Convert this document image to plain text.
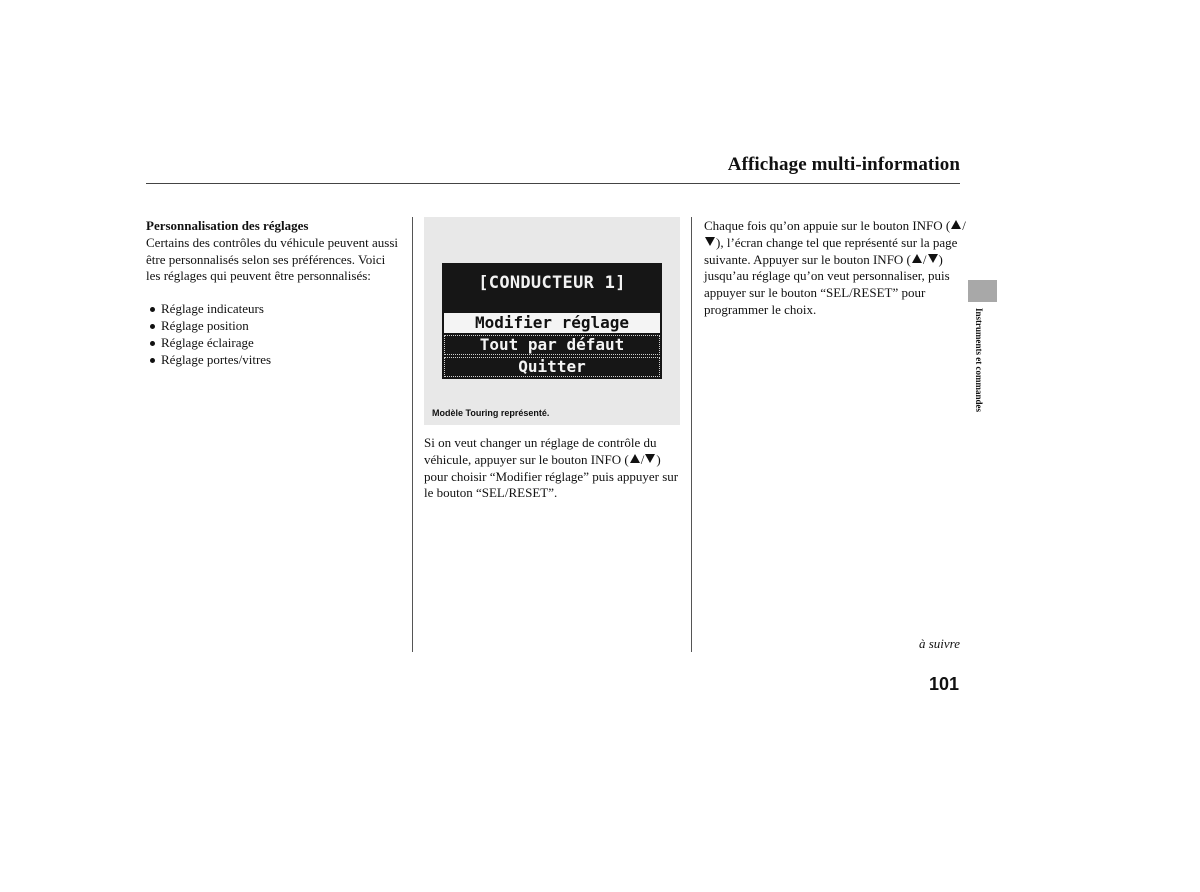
Affichage multi-information

Personnalisation des réglages

Certains des contrôles du véhicule peuvent aussi être personnalisés selon ses préférences. Voici les réglages qui peuvent être personnalisés:

Réglage indicateurs
Réglage position
Réglage éclairage
Réglage portes/vitres
[CONDUCTEUR 1]
Modifier réglage
Tout par défaut
Quitter
Modèle Touring représenté.

Si on veut changer un réglage de contrôle du véhicule, appuyer sur le bouton INFO ( / ) pour choisir “Modifier réglage” puis appuyer sur le bouton “SEL/RESET”.

Chaque fois qu’on appuie sur le bouton INFO ( /), l’écran change tel que représenté sur la page suivante. Appuyer sur le bouton INFO ( / ) jusqu’au réglage qu’on veut personnaliser, puis appuyer sur le bouton “SEL/RESET” pour programmer le choix.	Instruments et commandes
à suivre
101
